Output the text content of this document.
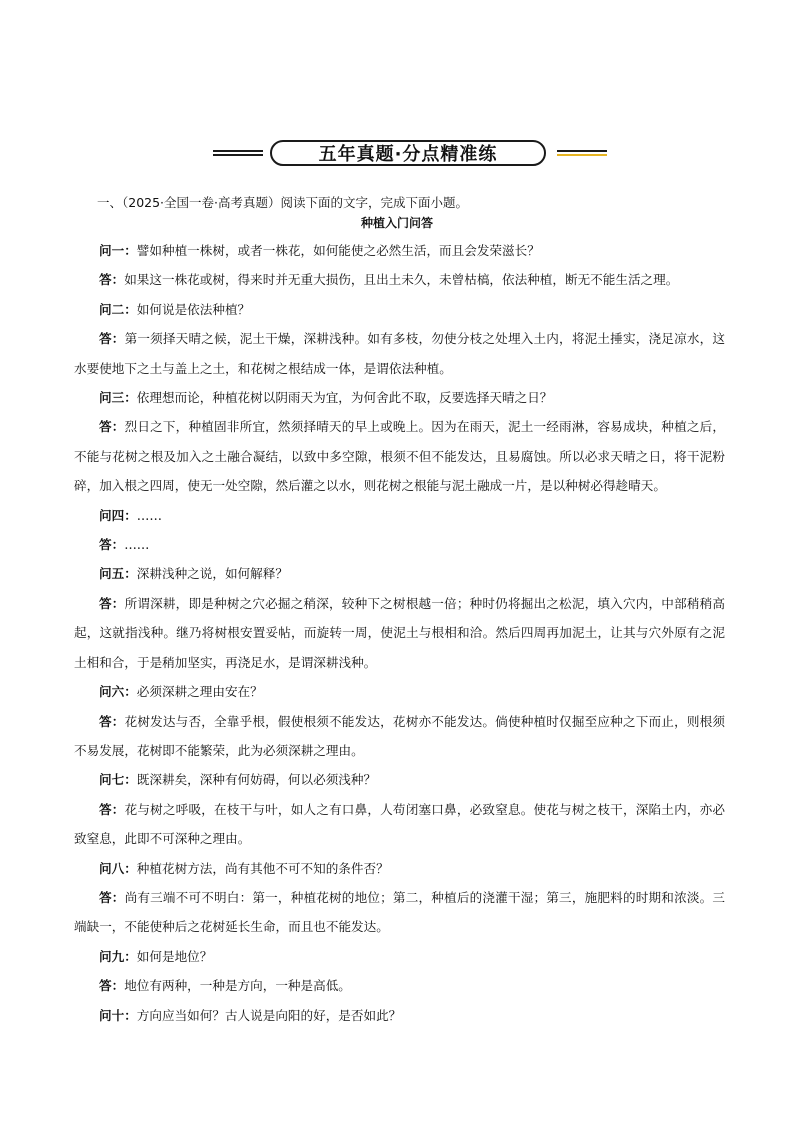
五年真题·分点精准练
一、（2025·全国一卷·高考真题）阅读下面的文字，完成下面小题。
种植入门问答

问一：譬如种植一株树，或者一株花，如何能使之必然生活，而且会发荣滋长？

答：如果这一株花或树，得来时并无重大损伤，且出土未久，未曾枯槁，依法种植，断无不能生活之理。

问二：如何说是依法种植？

答：第一须择天晴之候，泥土干燥，深耕浅种。如有多枝，勿使分枝之处埋入土内，将泥土捶实，浇足凉水，这水要使地下之土与盖上之土，和花树之根结成一体，是谓依法种植。

问三：依理想而论，种植花树以阴雨天为宜，为何舍此不取，反要选择天晴之日？

答：烈日之下，种植固非所宜，然须择晴天的早上或晚上。因为在雨天，泥土一经雨淋，容易成块，种植之后，不能与花树之根及加入之土融合凝结，以致中多空隙，根须不但不能发达，且易腐蚀。所以必求天晴之日，将干泥粉碎，加入根之四周，使无一处空隙，然后灌之以水，则花树之根能与泥土融成一片，是以种树必得趁晴天。

问四：……

答：……

问五：深耕浅种之说，如何解释？

答：所谓深耕，即是种树之穴必掘之稍深，较种下之树根越一倍；种时仍将掘出之松泥，填入穴内，中部稍稍高起，这就指浅种。继乃将树根安置妥帖，而旋转一周，使泥土与根相和洽。然后四周再加泥土，让其与穴外原有之泥土相和合，于是稍加坚实，再浇足水，是谓深耕浅种。

问六：必须深耕之理由安在？

答：花树发达与否，全靠乎根，假使根须不能发达，花树亦不能发达。倘使种植时仅掘至应种之下而止，则根须不易发展，花树即不能繁荣，此为必须深耕之理由。

问七：既深耕矣，深种有何妨碍，何以必须浅种？

答：花与树之呼吸，在枝干与叶，如人之有口鼻，人苟闭塞口鼻，必致窒息。使花与树之枝干，深陷土内，亦必致窒息，此即不可深种之理由。

问八：种植花树方法，尚有其他不可不知的条件否？

答：尚有三端不可不明白：第一，种植花树的地位；第二，种植后的浇灌干湿；第三，施肥料的时期和浓淡。三端缺一，不能使种后之花树延长生命，而且也不能发达。

问九：如何是地位？

答：地位有两种，一种是方向，一种是高低。

问十：方向应当如何？古人说是向阳的好，是否如此？
